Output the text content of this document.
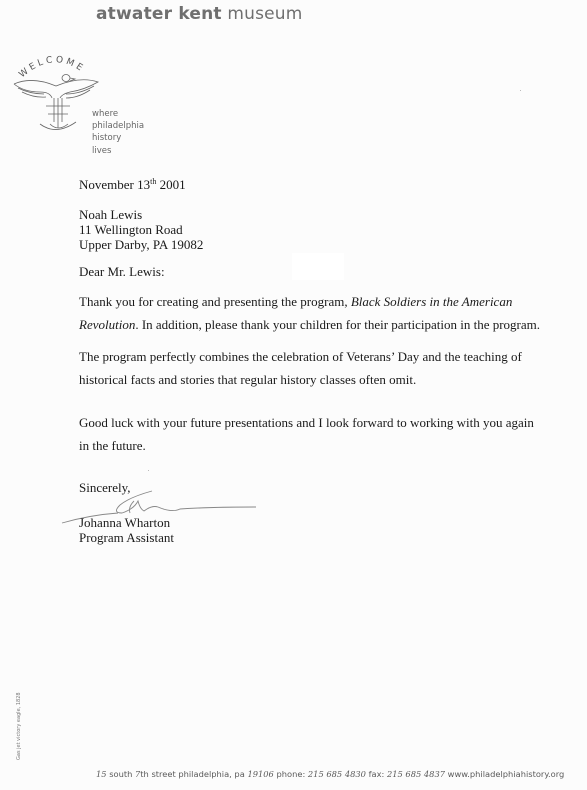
atwater kent museum
WELCOME
where
philadelphia
history
lives
November 13th 2001
Noah Lewis
11 Wellington Road
Upper Darby, PA 19082
Dear Mr. Lewis:
Thank you for creating and presenting the program, Black Soldiers in the American
Revolution. In addition, please thank your children for their participation in the program.
The program perfectly combines the celebration of Veterans’ Day and the teaching of
historical facts and stories that regular history classes often omit.
Good luck with your future presentations and I look forward to working with you again
in the future.
Sincerely,
Johanna Wharton
Program Assistant
Gas jet victory eagle, 1828
15 south 7th street philadelphia, pa 19106 phone: 215 685 4830 fax: 215 685 4837 www.philadelphiahistory.org
